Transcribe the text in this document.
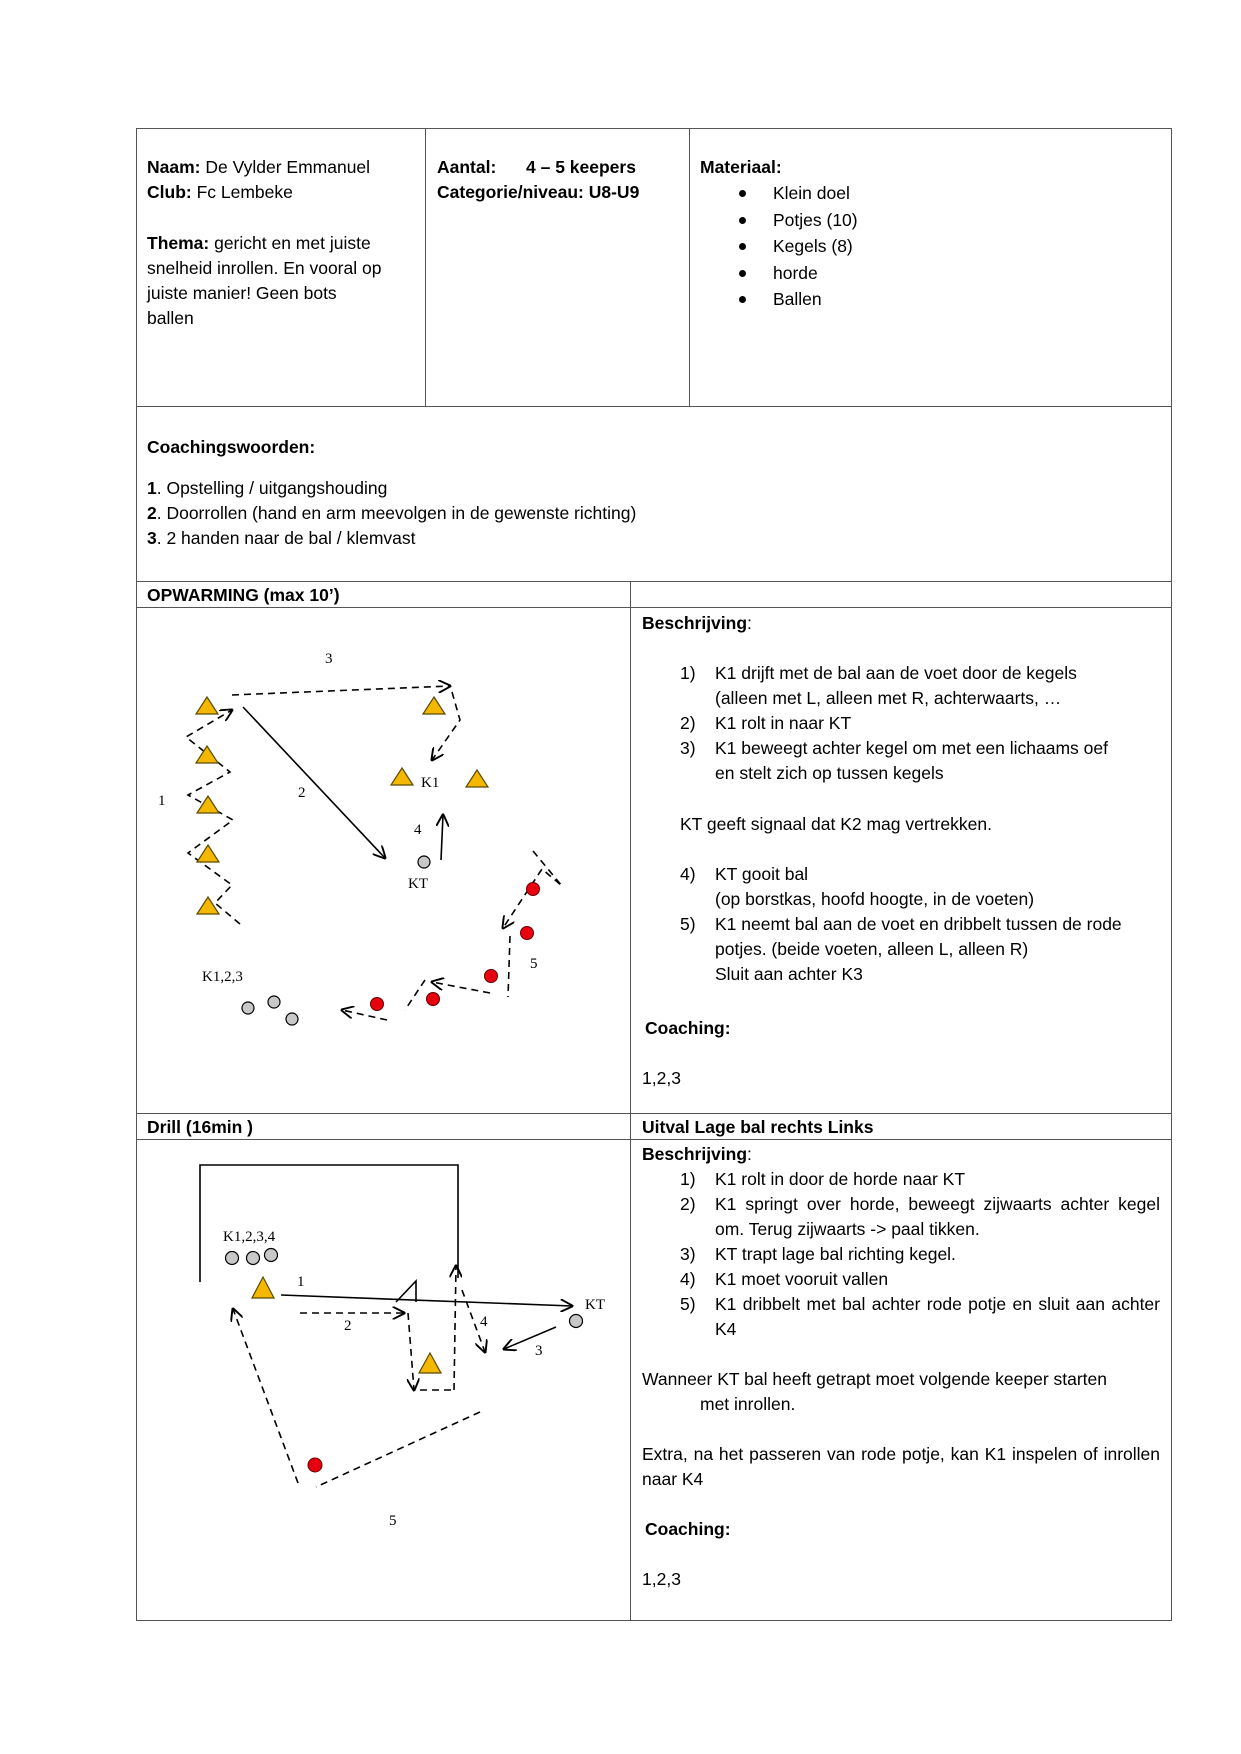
Naam: De Vylder Emmanuel
Club: Fc Lembeke
Thema: gericht en met juiste
snelheid inrollen. En vooral op
juiste manier! Geen bots
ballen
Aantal: 4 – 5 keepers
Categorie/niveau: U8-U9
Materiaal:
Klein doel
Potjes (10)
Kegels (8)
horde
Ballen
Coachingswoorden:
1. Opstelling / uitgangshouding
2. Doorrollen (hand en arm meevolgen in de gewenste richting)
3. 2 handen naar de bal / klemvast
OPWARMING (max 10’)
Beschrijving:
1) K1 drijft met de bal aan de voet door de kegels
(alleen met L, alleen met R, achterwaarts, …
2) K1 rolt in naar KT
3) K1 beweegt achter kegel om met een lichaams oef
en stelt zich op tussen kegels
KT geeft signaal dat K2 mag vertrekken.
4) KT gooit bal
(op borstkas, hoofd hoogte, in de voeten)
5) K1 neemt bal aan de voet en dribbelt tussen de rode
potjes. (beide voeten, alleen L, alleen R)
Sluit aan achter K3
Coaching:
1,2,3
1	2
3
4
5
K1
KT
K1,2,3
Drill (16min )	Uitval Lage bal rechts Links
Beschrijving:
1) K1 rolt in door de horde naar KT
2) K1 springt over horde, beweegt zijwaarts achter kegel om. Terug zijwaarts -> paal tikken.
3) KT trapt lage bal richting kegel.
4) K1 moet vooruit vallen
5) K1 dribbelt met bal achter rode potje en sluit aan achter K4
Wanneer KT bal heeft getrapt moet volgende keeper starten
met inrollen.
Extra, na het passeren van rode potje, kan K1 inspelen of inrollen naar K4
Coaching:
1,2,3
K1,2,3,4
KT
1
2
3
4
5
